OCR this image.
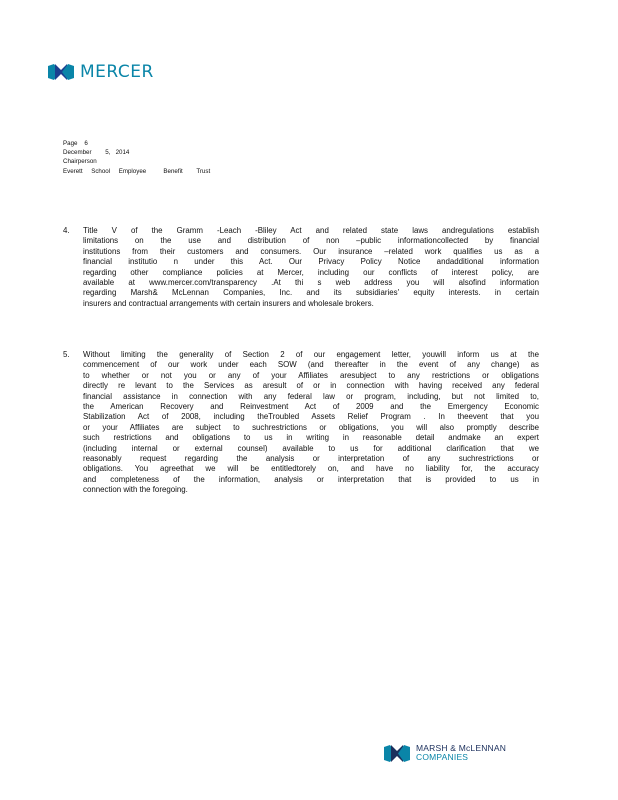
MERCER
Page    6
December        5,   2014
Chairperson
Everett     School     Employee          Benefit        Trust
4. Title V of the Gramm -Leach -Bliley Act and related state laws andregulations establish
limitations on the use and distribution of non –public informationcollected by financial
institutions from their customers and consumers. Our insurance –related work qualifies us as a
financial institutio n under this Act. Our Privacy Policy Notice andadditional information
regarding other compliance policies at Mercer, including our conflicts of interest policy, are
available at www.mercer.com/transparency .At thi s web address you will alsofind information
regarding Marsh& McLennan Companies, Inc. and its subsidiaries' equity interests. in certain
insurers and contractual arrangements with certain insurers and wholesale brokers.
5. Without limiting the generality of Section 2 of our engagement letter, youwill inform us at the
commencement of our work under each SOW (and thereafter in the event of any change) as
to whether or not you or any of your Affiliates aresubject to any restrictions or obligations
directly re levant to the Services as aresult of or in connection with having received any federal
financial assistance in connection with any federal law or program, including, but not limited to,
the American Recovery and Reinvestment Act of 2009 and the Emergency Economic
Stabilization Act of 2008, including theTroubled Assets Relief Program . In theevent that you
or your Affiliates are subject to suchrestrictions or obligations, you will also promptly describe
such restrictions and obligations to us in writing in reasonable detail andmake an expert
(including internal or external counsel) available to us for additional clarification that we
reasonably request regarding the analysis or interpretation of any suchrestrictions or
obligations. You agreethat we will be entitledtorely on, and have no liability for, the accuracy
and completeness of the information, analysis or interpretation that is provided to us in
connection with the foregoing.
MARSH & McLENNAN
COMPANIES
